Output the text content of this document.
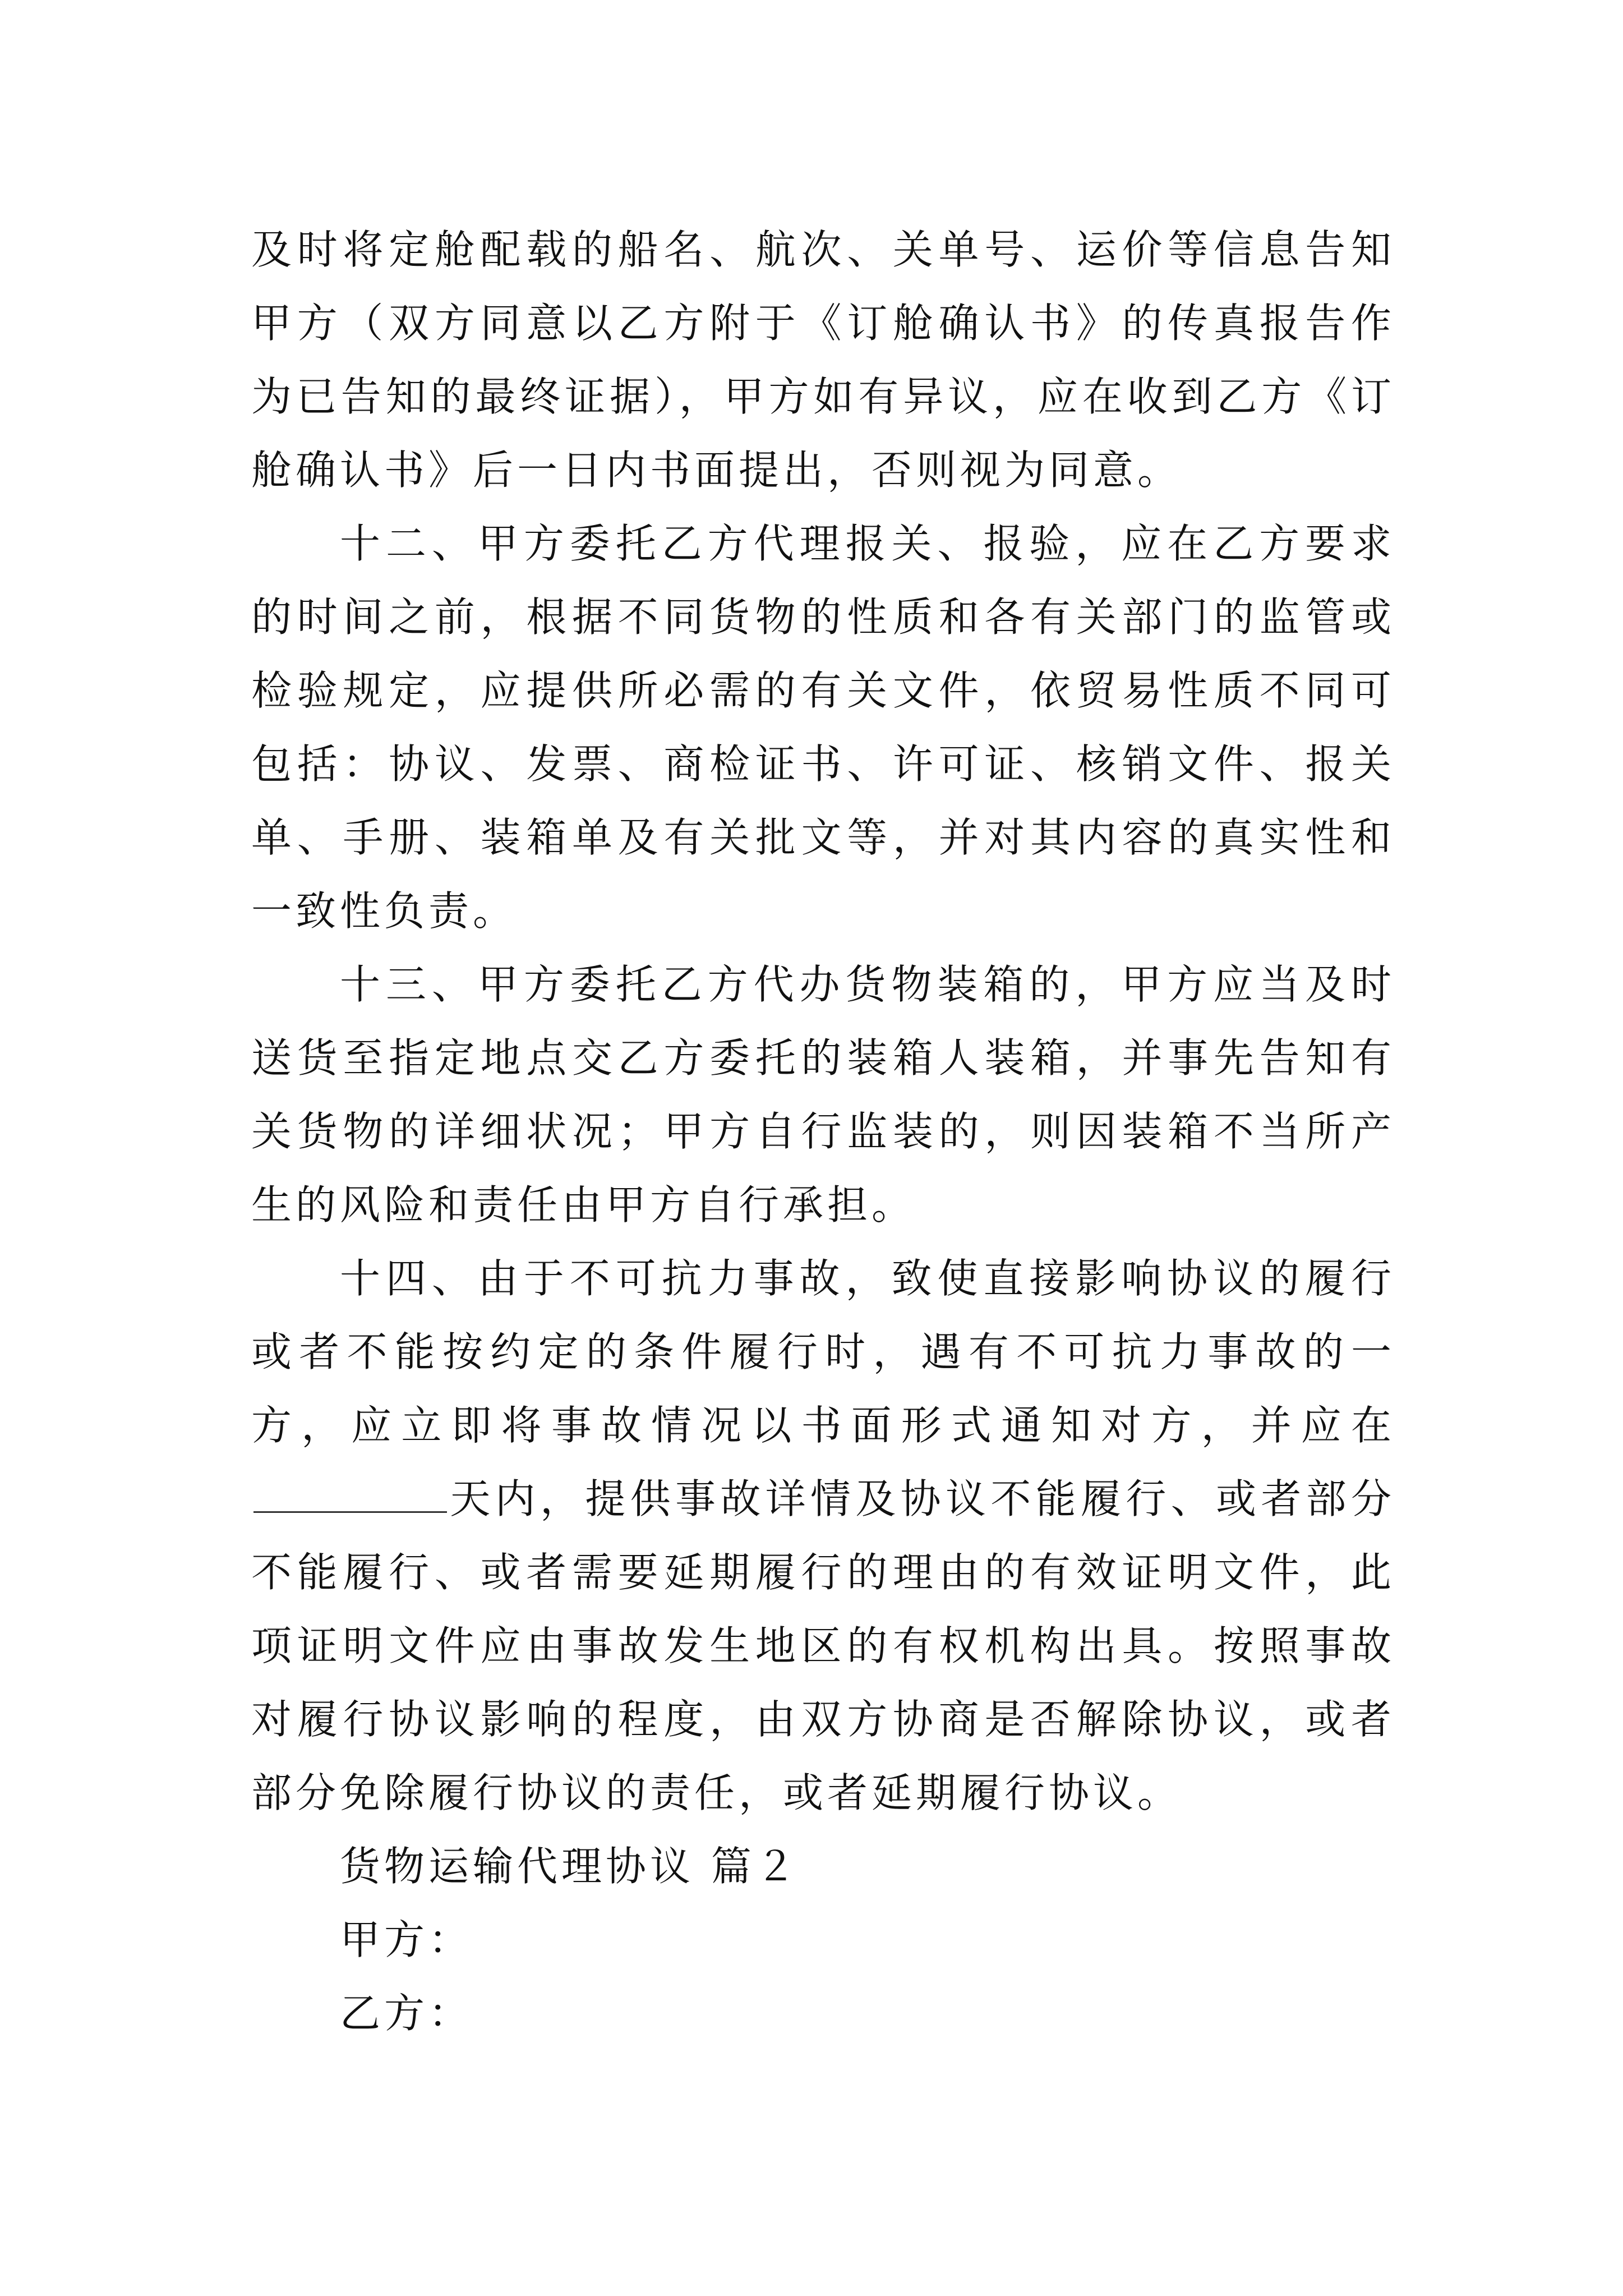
及时将定舱配载的船名、航次、关单号、运价等信息告知甲方（双方同意以乙方附于《订舱确认书》的传真报告作为已告知的最终证据），甲方如有异议，应在收到乙方《订舱确认书》后一日内书面提出，否则视为同意。

十二、甲方委托乙方代理报关、报验，应在乙方要求的时间之前，根据不同货物的性质和各有关部门的监管或检验规定，应提供所必需的有关文件，依贸易性质不同可包括：协议、发票、商检证书、许可证、核销文件、报关单、手册、装箱单及有关批文等，并对其内容的真实性和一致性负责。

十三、甲方委托乙方代办货物装箱的，甲方应当及时送货至指定地点交乙方委托的装箱人装箱，并事先告知有关货物的详细状况；甲方自行监装的，则因装箱不当所产生的风险和责任由甲方自行承担。

十四、由于不可抗力事故，致使直接影响协议的履行或者不能按约定的条件履行时，遇有不可抗力事故的一方，应立即将事故情况以书面形式通知对方，并应在天内，提供事故详情及协议不能履行、或者部分不能履行、或者需要延期履行的理由的有效证明文件，此项证明文件应由事故发生地区的有权机构出具。按照事故对履行协议影响的程度，由双方协商是否解除协议，或者部分免除履行协议的责任，或者延期履行协议。

货物运输代理协议 篇２

甲方：

乙方：
